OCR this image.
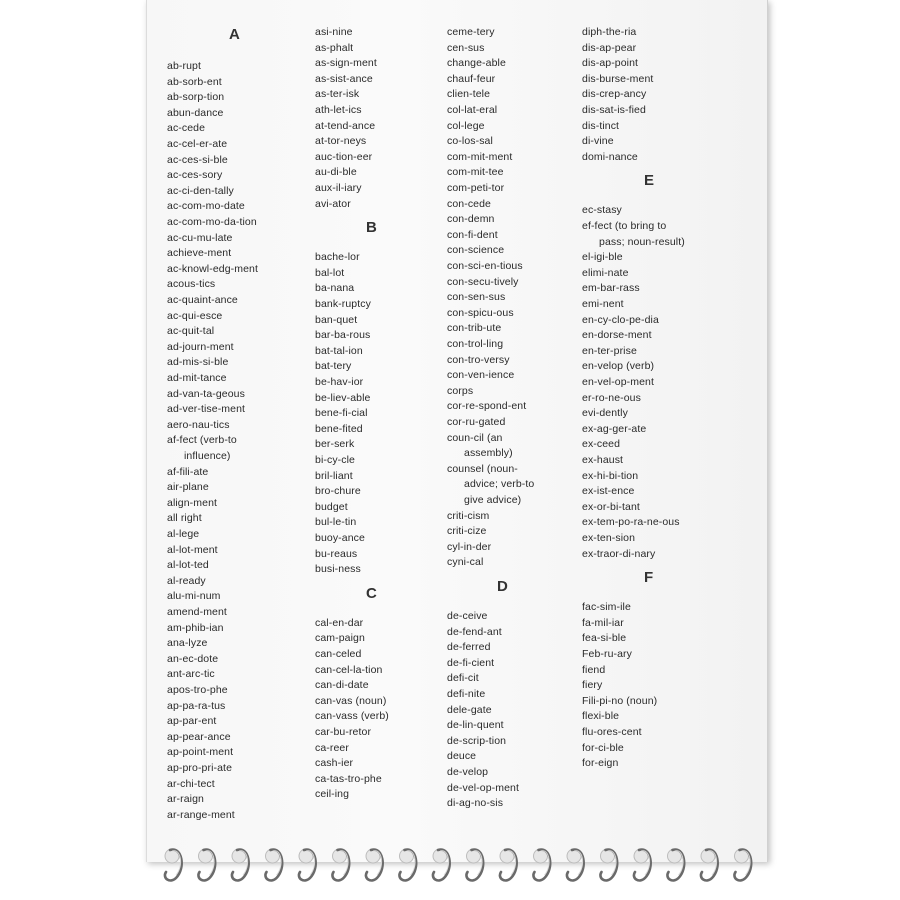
A
ab-rupt
ab-sorb-ent
ab-sorp-tion
abun-dance
ac-cede
ac-cel-er-ate
ac-ces-si-ble
ac-ces-sory
ac-ci-den-tally
ac-com-mo-date
ac-com-mo-da-tion
ac-cu-mu-late
achieve-ment
ac-knowl-edg-ment
acous-tics
ac-quaint-ance
ac-qui-esce
ac-quit-tal
ad-journ-ment
ad-mis-si-ble
ad-mit-tance
ad-van-ta-geous
ad-ver-tise-ment
aero-nau-tics
af-fect (verb-to
influence)
af-fili-ate
air-plane
align-ment
all right
al-lege
al-lot-ment
al-lot-ted
al-ready
alu-mi-num
amend-ment
am-phib-ian
ana-lyze
an-ec-dote
ant-arc-tic
apos-tro-phe
ap-pa-ra-tus
ap-par-ent
ap-pear-ance
ap-point-ment
ap-pro-pri-ate
ar-chi-tect
ar-raign
ar-range-ment
asi-nine
as-phalt
as-sign-ment
as-sist-ance
as-ter-isk
ath-let-ics
at-tend-ance
at-tor-neys
auc-tion-eer
au-di-ble
aux-il-iary
avi-ator
B
bache-lor
bal-lot
ba-nana
bank-ruptcy
ban-quet
bar-ba-rous
bat-tal-ion
bat-tery
be-hav-ior
be-liev-able
bene-fi-cial
bene-fited
ber-serk
bi-cy-cle
bril-liant
bro-chure
budget
bul-le-tin
buoy-ance
bu-reaus
busi-ness
C
cal-en-dar
cam-paign
can-celed
can-cel-la-tion
can-di-date
can-vas (noun)
can-vass (verb)
car-bu-retor
ca-reer
cash-ier
ca-tas-tro-phe
ceil-ing
ceme-tery
cen-sus
change-able
chauf-feur
clien-tele
col-lat-eral
col-lege
co-los-sal
com-mit-ment
com-mit-tee
com-peti-tor
con-cede
con-demn
con-fi-dent
con-science
con-sci-en-tious
con-secu-tively
con-sen-sus
con-spicu-ous
con-trib-ute
con-trol-ling
con-tro-versy
con-ven-ience
corps
cor-re-spond-ent
cor-ru-gated
coun-cil (an
assembly)
counsel (noun-
advice; verb-to
give advice)
criti-cism
criti-cize
cyl-in-der
cyni-cal
D
de-ceive
de-fend-ant
de-ferred
de-fi-cient
defi-cit
defi-nite
dele-gate
de-lin-quent
de-scrip-tion
deuce
de-velop
de-vel-op-ment
di-ag-no-sis
diph-the-ria
dis-ap-pear
dis-ap-point
dis-burse-ment
dis-crep-ancy
dis-sat-is-fied
dis-tinct
di-vine
domi-nance
E
ec-stasy
ef-fect (to bring to
pass; noun-result)
el-igi-ble
elimi-nate
em-bar-rass
emi-nent
en-cy-clo-pe-dia
en-dorse-ment
en-ter-prise
en-velop (verb)
en-vel-op-ment
er-ro-ne-ous
evi-dently
ex-ag-ger-ate
ex-ceed
ex-haust
ex-hi-bi-tion
ex-ist-ence
ex-or-bi-tant
ex-tem-po-ra-ne-ous
ex-ten-sion
ex-traor-di-nary
F
fac-sim-ile
fa-mil-iar
fea-si-ble
Feb-ru-ary
fiend
fiery
Fili-pi-no (noun)
flexi-ble
flu-ores-cent
for-ci-ble
for-eign
